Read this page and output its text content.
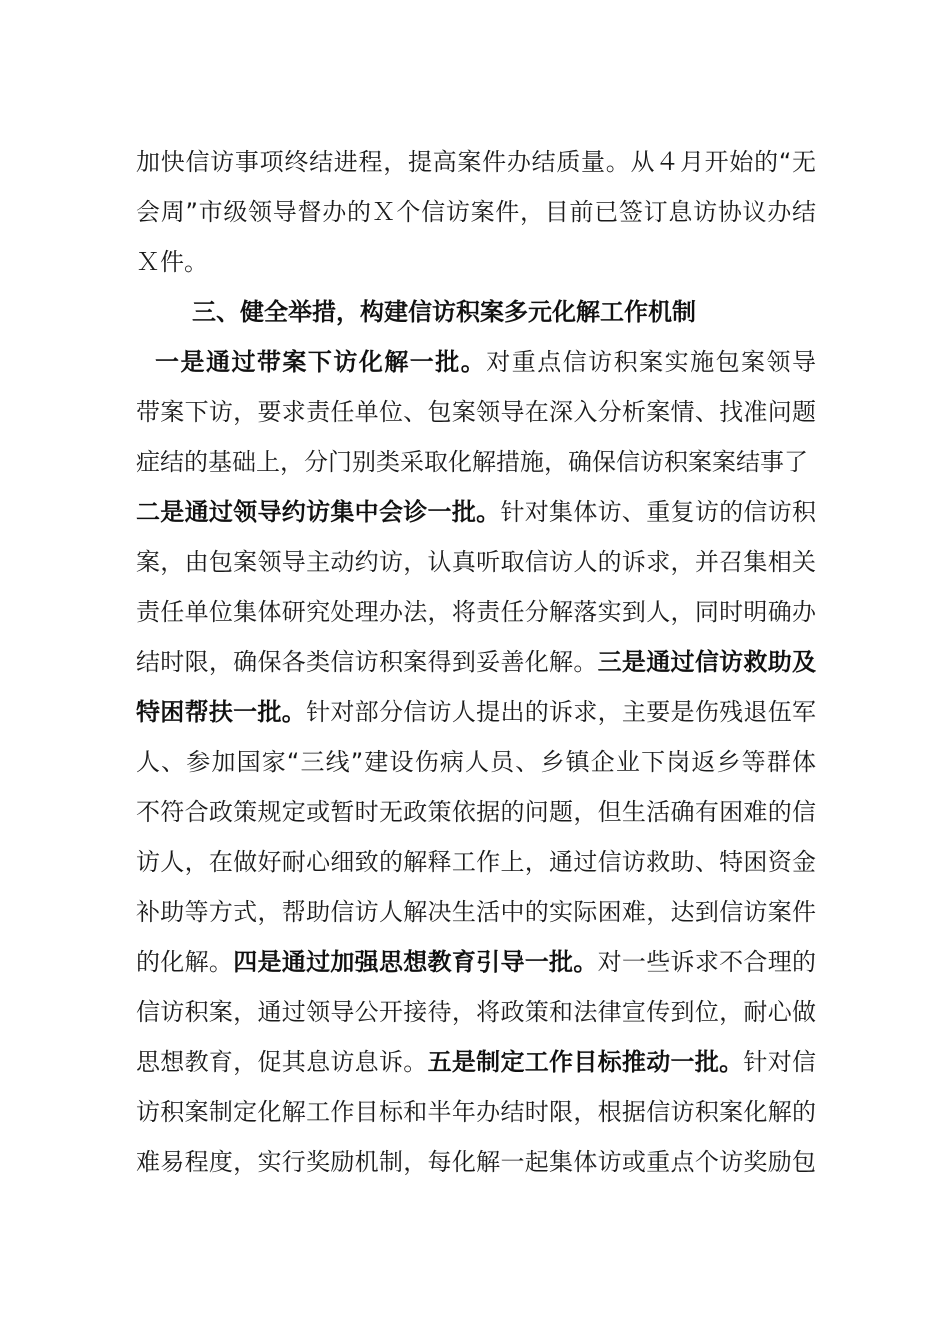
加快信访事项终结进程，提高案件办结质量。从４月开始的“无
会周”市级领导督办的Ｘ个信访案件，目前已签订息访协议办结
Ｘ件。
三、健全举措，构建信访积案多元化解工作机制
一是通过带案下访化解一批。对重点信访积案实施包案领导
带案下访，要求责任单位、包案领导在深入分析案情、找准问题
症结的基础上，分门别类采取化解措施，确保信访积案案结事了
二是通过领导约访集中会诊一批。针对集体访、重复访的信访积
案，由包案领导主动约访，认真听取信访人的诉求，并召集相关
责任单位集体研究处理办法，将责任分解落实到人，同时明确办
结时限，确保各类信访积案得到妥善化解。三是通过信访救助及
特困帮扶一批。针对部分信访人提出的诉求，主要是伤残退伍军
人、参加国家“三线”建设伤病人员、乡镇企业下岗返乡等群体
不符合政策规定或暂时无政策依据的问题，但生活确有困难的信
访人，在做好耐心细致的解释工作上，通过信访救助、特困资金
补助等方式，帮助信访人解决生活中的实际困难，达到信访案件
的化解。四是通过加强思想教育引导一批。对一些诉求不合理的
信访积案，通过领导公开接待，将政策和法律宣传到位，耐心做
思想教育，促其息访息诉。五是制定工作目标推动一批。针对信
访积案制定化解工作目标和半年办结时限，根据信访积案化解的
难易程度，实行奖励机制，每化解一起集体访或重点个访奖励包
